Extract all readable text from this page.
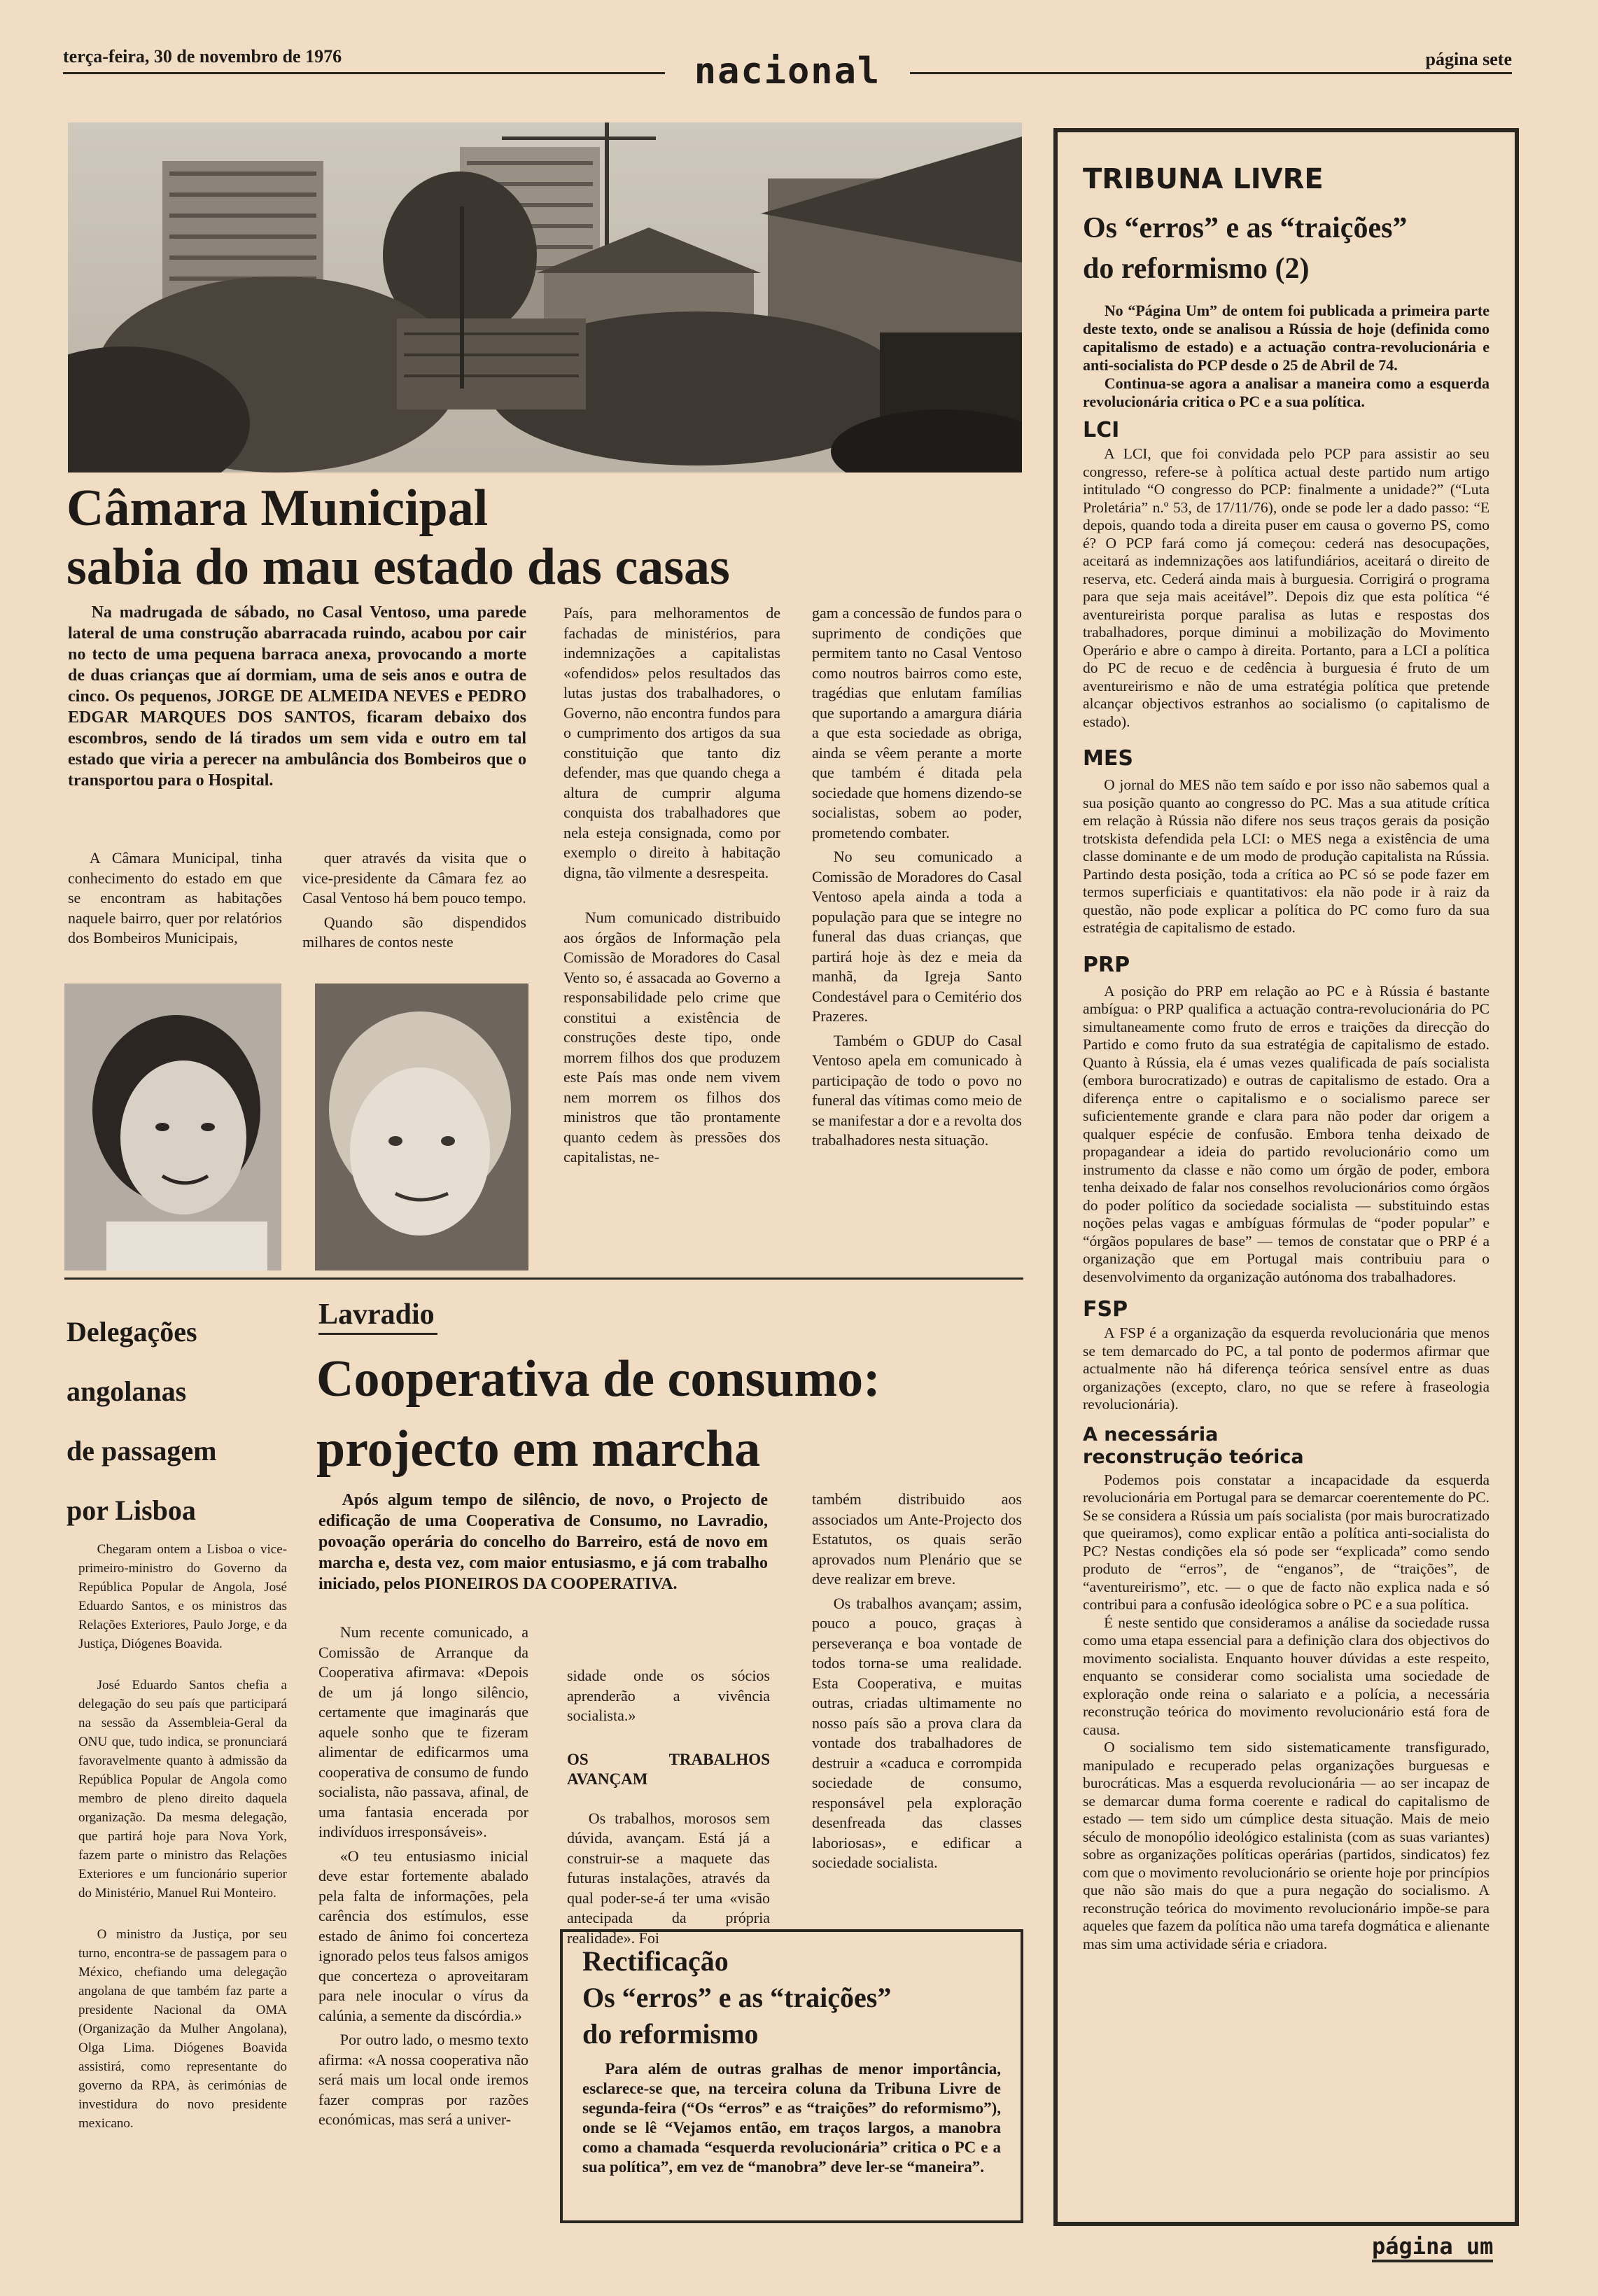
terça-feira, 30 de novembro de 1976	nacional	página sete
Câmara Municipal
sabia do mau estado das casas
Na madrugada de sábado, no Casal Ventoso, uma parede lateral de uma construção abarracada ruindo, acabou por cair no tecto de uma pequena barraca anexa, provocando a morte de duas crianças que aí dormiam, uma de seis anos e outra de cinco. Os pequenos, JORGE DE ALMEIDA NEVES e PEDRO EDGAR MARQUES DOS SANTOS, ficaram debaixo dos escombros, sendo de lá tirados um sem vida e outro em tal estado que viria a perecer na ambulância dos Bombeiros que o transportou para o Hospital.

A Câmara Municipal, tinha conhecimento do estado em que se encontram as habitações naquele bairro, quer por relatórios dos Bombeiros Municipais,

quer através da visita que o vice-presidente da Câmara fez ao Casal Ventoso há bem pouco tempo.

Quando são dispendidos milhares de contos neste

País, para melhoramentos de fachadas de ministérios, para indemnizações a capitalistas «ofendidos» pelos resultados das lutas justas dos trabalhadores, o Governo, não encontra fundos para o cumprimento dos artigos da sua constituição que tanto diz defender, mas que quando chega a altura de cumprir alguma conquista dos trabalhadores que nela esteja consignada, como por exemplo o direito à habitação digna, tão vilmente a desrespeita.

Num comunicado distribuido aos órgãos de Informação pela Comissão de Moradores do Casal Vento so, é assacada ao Governo a responsabilidade pelo crime que constitui a existência de construções deste tipo, onde morrem filhos dos que produzem este País mas onde nem vivem nem morrem os filhos dos ministros que tão prontamente quanto cedem às pressões dos capitalistas, ne-

gam a concessão de fundos para o suprimento de condições que permitem tanto no Casal Ventoso como noutros bairros como este, tragédias que enlutam famílias que suportando a amargura diária a que esta sociedade as obriga, ainda se vêem perante a morte que também é ditada pela sociedade que homens dizendo-se socialistas, sobem ao poder, prometendo combater.

No seu comunicado a Comissão de Moradores do Casal Ventoso apela ainda a toda a população para que se integre no funeral das duas crianças, que partirá hoje às dez e meia da manhã, da Igreja Santo Condestável para o Cemitério dos Prazeres.

Também o GDUP do Casal Ventoso apela em comunicado à participação de todo o povo no funeral das vítimas como meio de se manifestar a dor e a revolta dos trabalhadores nesta situação.

Delegações
angolanas
de passagem
por Lisboa

Chegaram ontem a Lisboa o vice-primeiro-ministro do Governo da República Popular de Angola, José Eduardo Santos, e os ministros das Relações Exteriores, Paulo Jorge, e da Justiça, Diógenes Boavida.

José Eduardo Santos chefia a delegação do seu país que participará na sessão da Assembleia-Geral da ONU que, tudo indica, se pronunciará favoravelmente quanto à admissão da República Popular de Angola como membro de pleno direito daquela organização. Da mesma delegação, que partirá hoje para Nova York, fazem parte o ministro das Relações Exteriores e um funcionário superior do Ministério, Manuel Rui Monteiro.

O ministro da Justiça, por seu turno, encontra-se de passagem para o México, chefiando uma delegação angolana de que também faz parte a presidente Nacional da OMA (Organização da Mulher Angolana), Olga Lima. Diógenes Boavida assistirá, como representante do governo da RPA, às cerimónias de investidura do novo presidente mexicano.

Lavradio
Cooperativa de consumo:
projecto em marcha
Após algum tempo de silêncio, de novo, o Projecto de edificação de uma Cooperativa de Consumo, no Lavradio, povoação operária do concelho do Barreiro, está de novo em marcha e, desta vez, com maior entusiasmo, e já com trabalho iniciado, pelos PIONEIROS DA COOPERATIVA.

Num recente comunicado, a Comissão de Arranque da Cooperativa afirmava: «Depois de um já longo silêncio, certamente que imaginarás que aquele sonho que te fizeram alimentar de edificarmos uma cooperativa de consumo de fundo socialista, não passava, afinal, de uma fantasia encerada por indivíduos irresponsáveis».

«O teu entusiasmo inicial deve estar fortemente abalado pela falta de informações, pela carência dos estímulos, esse estado de ânimo foi concerteza ignorado pelos teus falsos amigos que concerteza o aproveitaram para nele inocular o vírus da calúnia, a semente da discórdia.»

Por outro lado, o mesmo texto afirma: «A nossa cooperativa não será mais um local onde iremos fazer compras por razões económicas, mas será a univer-

sidade onde os sócios aprenderão a vivência socialista.»

OS TRABALHOS AVANÇAM

Os trabalhos, morosos sem dúvida, avançam. Está já a construir-se a maquete das futuras instalações, através da qual poder-se-á ter uma «visão antecipada da própria realidade». Foi

também distribuido aos associados um Ante-Projecto dos Estatutos, os quais serão aprovados num Plenário que se deve realizar em breve.

Os trabalhos avançam; assim, pouco a pouco, graças à perseverança e boa vontade de todos torna-se uma realidade. Esta Cooperativa, e muitas outras, criadas ultimamente no nosso país são a prova clara da vontade dos trabalhadores de destruir a «caduca e corrompida sociedade de consumo, responsável pela exploração desenfreada das classes laboriosas», e edificar a sociedade socialista.

Rectificação
Os “erros” e as “traições”
do reformismo

Para além de outras gralhas de menor importância, esclarece-se que, na terceira coluna da Tribuna Livre de segunda-feira (“Os “erros” e as “traições” do reformismo”), onde se lê “Vejamos então, em traços largos, a manobra como a chamada “esquerda revolucionária” critica o PC e a sua política”, em vez de “manobra” deve ler-se “maneira”.

TRIBUNA LIVRE
Os “erros” e as “traições”
do reformismo (2)

No “Página Um” de ontem foi publicada a primeira parte deste texto, onde se analisou a Rússia de hoje (definida como capitalismo de estado) e a actuação contra-revolucionária e anti-socialista do PCP desde o 25 de Abril de 74.

Continua-se agora a analisar a maneira como a esquerda revolucionária critica o PC e a sua política.

LCI

A LCI, que foi convidada pelo PCP para assistir ao seu congresso, refere-se à política actual deste partido num artigo intitulado “O congresso do PCP: finalmente a unidade?” (“Luta Proletária” n.º 53, de 17/11/76), onde se pode ler a dado passo: “E depois, quando toda a direita puser em causa o governo PS, como é? O PCP fará como já começou: cederá nas desocupações, aceitará as indemnizações aos latifundiários, aceitará o direito de reserva, etc. Cederá ainda mais à burguesia. Corrigirá o programa para que seja mais aceitável”. Depois diz que esta política “é aventureirista porque paralisa as lutas e respostas dos trabalhadores, porque diminui a mobilização do Movimento Operário e abre o campo à direita. Portanto, para a LCI a política do PC de recuo e de cedência à burguesia é fruto de um aventureirismo e não de uma estratégia política que pretende alcançar objectivos estranhos ao socialismo (o capitalismo de estado).

MES

O jornal do MES não tem saído e por isso não sabemos qual a sua posição quanto ao congresso do PC. Mas a sua atitude crítica em relação à Rússia não difere nos seus traços gerais da posição trotskista defendida pela LCI: o MES nega a existência de uma classe dominante e de um modo de produção capitalista na Rússia. Partindo desta posição, toda a crítica ao PC só se pode fazer em termos superficiais e quantitativos: ela não pode ir à raiz da questão, não pode explicar a política do PC como furo da sua estratégia de capitalismo de estado.

PRP

A posição do PRP em relação ao PC e à Rússia é bastante ambígua: o PRP qualifica a actuação contra-revolucionária do PC simultaneamente como fruto de erros e traições da direcção do Partido e como fruto da sua estratégia de capitalismo de estado. Quanto à Rússia, ela é umas vezes qualificada de país socialista (embora burocratizado) e outras de capitalismo de estado. Ora a diferença entre o capitalismo e o socialismo parece ser suficientemente grande e clara para não poder dar origem a qualquer espécie de confusão. Embora tenha deixado de propagandear a ideia do partido revolucionário como um instrumento da classe e não como um órgão de poder, embora tenha deixado de falar nos conselhos revolucionários como órgãos do poder político da sociedade socialista — substituindo estas noções pelas vagas e ambíguas fórmulas de “poder popular” e “órgãos populares de base” — temos de constatar que o PRP é a organização que em Portugal mais contribuiu para o desenvolvimento da organização autónoma dos trabalhadores.

FSP

A FSP é a organização da esquerda revolucionária que menos se tem demarcado do PC, a tal ponto de podermos afirmar que actualmente não há diferença teórica sensível entre as duas organizações (excepto, claro, no que se refere à fraseologia revolucionária).

A necessária
reconstrução teórica

Podemos pois constatar a incapacidade da esquerda revolucionária em Portugal para se demarcar coerentemente do PC. Se se considera a Rússia um país socialista (por mais burocratizado que queiramos), como explicar então a política anti-socialista do PC? Nestas condições ela só pode ser “explicada” como sendo produto de “erros”, de “enganos”, de “traições”, de “aventureirismo”, etc. — o que de facto não explica nada e só contribui para a confusão ideológica sobre o PC e a sua política.

É neste sentido que consideramos a análise da sociedade russa como uma etapa essencial para a definição clara dos objectivos do movimento socialista. Enquanto houver dúvidas a este respeito, enquanto se considerar como socialista uma sociedade de exploração onde reina o salariato e a polícia, a necessária reconstrução teórica do movimento revolucionário está fora de causa.

O socialismo tem sido sistematicamente transfigurado, manipulado e recuperado pelas organizações burguesas e burocráticas. Mas a esquerda revolucionária — ao ser incapaz de se demarcar duma forma coerente e radical do capitalismo de estado — tem sido um cúmplice desta situação. Mais de meio século de monopólio ideológico estalinista (com as suas variantes) sobre as organizações políticas operárias (partidos, sindicatos) fez com que o movimento revolucionário se oriente hoje por princípios que não são mais do que a pura negação do socialismo. A reconstrução teórica do movimento revolucionário impõe-se para aqueles que fazem da política não uma tarefa dogmática e alienante mas sim uma actividade séria e criadora.

página um
